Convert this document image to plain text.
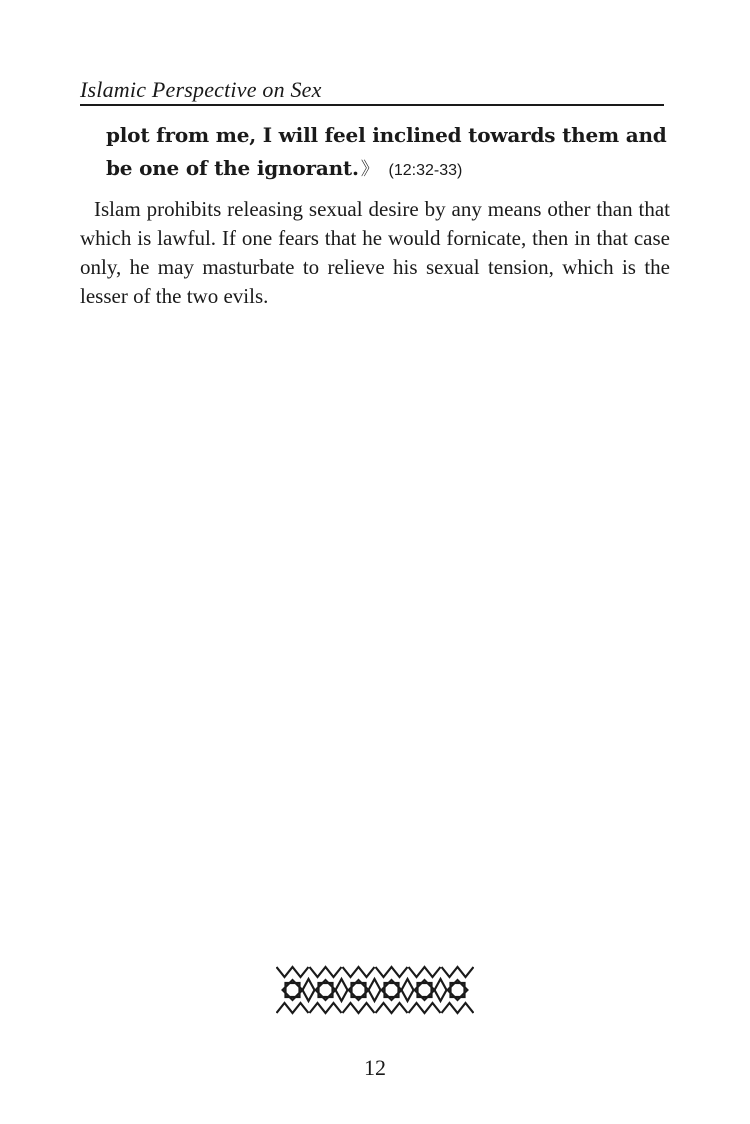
Islamic Perspective on Sex
plot from me, I will feel inclined towards them and be one of the ignorant. 》 (12:32-33)

Islam prohibits releasing sexual desire by any means other than that which is lawful. If one fears that he would fornicate, then in that case only, he may masturbate to relieve his sexual tension, which is the lesser of the two evils.

12
